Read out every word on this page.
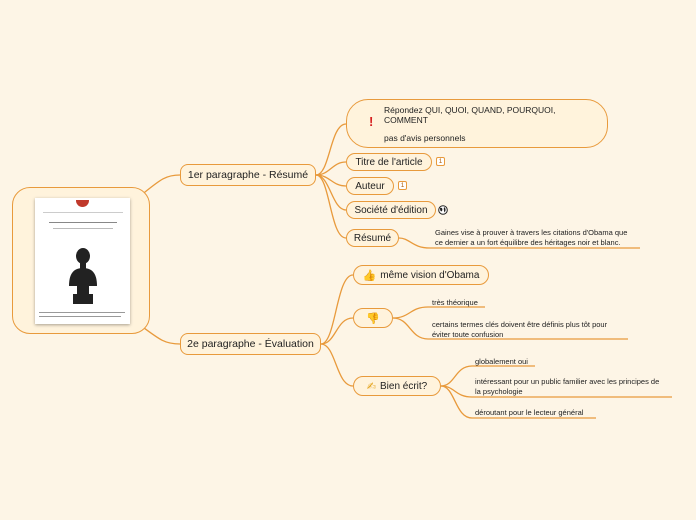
1er paragraphe - Résumé
!
Répondez QUI, QUOI, QUAND, POURQUOI,
COMMENT
pas d'avis personnels
Titre de l'article	1
Auteur	1
Société d'édition
Résumé	Gaines vise à prouver à travers les citations d'Obama que
ce dernier a un fort équilibre des héritages noir et blanc.
2e paragraphe - Évaluation
👍 même vision d'Obama
👎
très théorique
certains termes clés doivent être définis plus tôt pour
éviter toute confusion
✍ Bien écrit?
globalement oui
intéressant pour un public familier avec les principes de
la psychologie
déroutant pour le lecteur général
